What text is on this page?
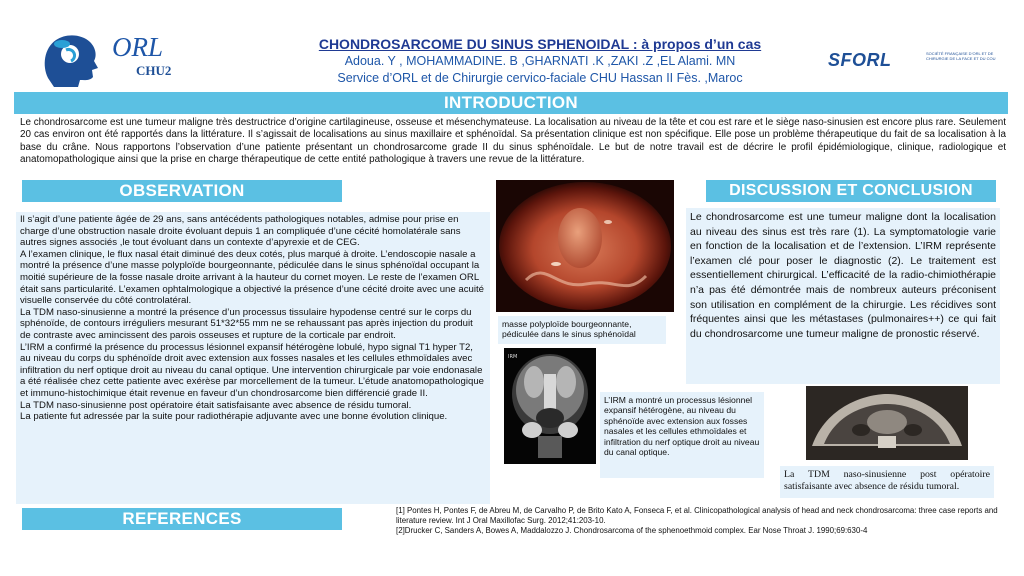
ORL
CHU2
CHONDROSARCOME DU SINUS SPHENOIDAL : à propos d’un cas
Adoua. Y , MOHAMMADINE. B ,GHARNATI .K ,ZAKI .Z ,EL Alami. MN
Service d’ORL et de Chirurgie cervico-faciale CHU Hassan II Fès. ,Maroc
SFORL	SOCIÉTÉ FRANÇAISE D’ORL ET DE CHIRURGIE DE LA FACE ET DU COU
INTRODUCTION
Le chondrosarcome est une tumeur maligne très destructrice d’origine cartilagineuse, osseuse et mésenchymateuse. La localisation au niveau de la tête et cou est rare et le siège naso-sinusien est encore plus rare. Seulement 20 cas environ ont été rapportés dans la littérature. Il s’agissait de localisations au sinus maxillaire et sphénoïdal. Sa présentation clinique est non spécifique. Elle pose un problème thérapeutique du fait de sa localisation à la base du crâne. Nous rapportons l’observation d’une patiente présentant un chondrosarcome grade II du sinus sphénoïdale. Le but de notre travail est de décrire le profil épidémiologique, clinique, radiologique et anatomopathologique ainsi que la prise en charge thérapeutique de cette entité pathologique à travers une revue de la littérature.
OBSERVATION
Il s’agit d’une patiente âgée de 29 ans, sans antécédents pathologiques notables, admise pour prise en charge d’une obstruction nasale droite évoluant depuis 1 an compliquée d’une cécité homolatérale sans autres signes associés ,le tout évoluant dans un contexte d’apyrexie et de CEG.
A l’examen clinique, le flux nasal était diminué des deux cotés, plus marqué à droite. L’endoscopie nasale a montré la présence d’une masse polyploïde bourgeonnante, pédiculée dans le sinus sphénoïdal occupant la moitié supérieure de la fosse nasale droite arrivant à la hauteur du cornet moyen. Le reste de l’examen ORL était sans particularité. L’examen ophtalmologique a objectivé la présence d’une cécité droite avec une acuité visuelle conservée du côté controlatéral.
La TDM naso-sinusienne a montré la présence d’un processus tissulaire hypodense centré sur le corps du sphénoïde, de contours irréguliers mesurant 51*32*55 mm ne se rehaussant pas après injection du produit de contraste avec amincissent des parois osseuses et rupture de la corticale par endroit.
L’IRM a confirmé la présence du processus lésionnel expansif hétérogène lobulé, hypo signal T1 hyper T2, au niveau du corps du sphénoïde droit avec extension aux fosses nasales et les cellules ethmoïdales avec infiltration du nerf optique droit au niveau du canal optique. Une intervention chirurgicale par voie endonasale a été réalisée chez cette patiente avec exérèse par morcellement de la tumeur. L’étude anatomopathologique et immuno-histochimique était revenue en faveur d’un chondrosarcome bien différencié grade II.
La TDM naso-sinusienne post opératoire était satisfaisante avec absence de résidu tumoral.
La patiente fut adressée par la suite pour radiothérapie adjuvante avec une bonne évolution clinique.
masse polyploïde bourgeonnante, pédiculée dans le sinus sphénoïdal
IRM
L’IRM a montré un processus lésionnel expansif hétérogène, au niveau du sphénoïde avec extension aux fosses nasales et les cellules ethmoïdales et infiltration du nerf optique droit au niveau du canal optique.
DISCUSSION ET CONCLUSION
Le chondrosarcome est une tumeur maligne dont la localisation au niveau des sinus est très rare (1). La symptomatologie varie en fonction de la localisation et de l’extension. L’IRM représente l’examen clé pour poser le diagnostic (2). Le traitement est essentiellement chirurgical. L’efficacité de la radio-chimiothérapie n’a pas été démontrée mais de nombreux auteurs préconisent son utilisation en complément de la chirurgie. Les récidives sont fréquentes ainsi que les métastases (pulmonaires++) ce qui fait du chondrosarcome une tumeur maligne de pronostic réservé.
La TDM naso-sinusienne post opératoire satisfaisante avec absence de résidu tumoral.
REFERENCES	[1] Pontes H, Pontes F, de Abreu M, de Carvalho P, de Brito Kato A, Fonseca F, et al. Clinicopathological analysis of head and neck chondrosarcoma: three case reports and literature review. Int J Oral Maxillofac Surg. 2012;41:203-10.
[2]Drucker C, Sanders A, Bowes A, Maddalozzo J. Chondrosarcoma of the sphenoethmoid complex. Ear Nose Throat J. 1990;69:630-4
